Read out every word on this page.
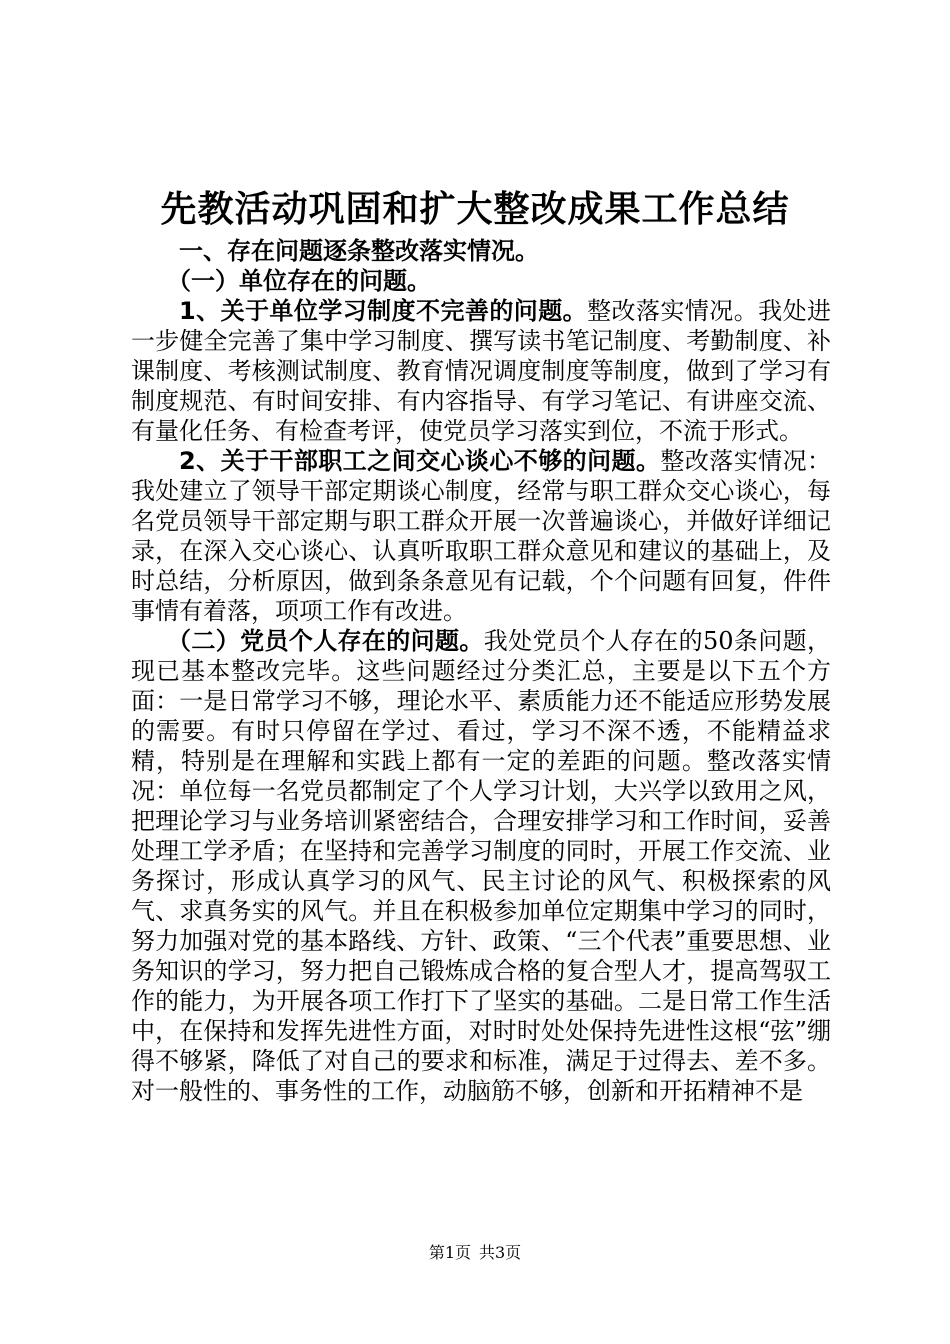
先教活动巩固和扩大整改成果工作总结

一、存在问题逐条整改落实情况。

（一）单位存在的问题。

1、关于单位学习制度不完善的问题。整改落实情况。我处进一步健全完善了集中学习制度、撰写读书笔记制度、考勤制度、补课制度、考核测试制度、教育情况调度制度等制度，做到了学习有制度规范、有时间安排、有内容指导、有学习笔记、有讲座交流、有量化任务、有检查考评，使党员学习落实到位，不流于形式。

2、关于干部职工之间交心谈心不够的问题。整改落实情况：我处建立了领导干部定期谈心制度，经常与职工群众交心谈心，每名党员领导干部定期与职工群众开展一次普遍谈心，并做好详细记录，在深入交心谈心、认真听取职工群众意见和建议的基础上，及时总结，分析原因，做到条条意见有记载，个个问题有回复，件件事情有着落，项项工作有改进。

（二）党员个人存在的问题。我处党员个人存在的50条问题，现已基本整改完毕。这些问题经过分类汇总，主要是以下五个方面：一是日常学习不够，理论水平、素质能力还不能适应形势发展的需要。有时只停留在学过、看过，学习不深不透，不能精益求精，特别是在理解和实践上都有一定的差距的问题。整改落实情况：单位每一名党员都制定了个人学习计划，大兴学以致用之风，把理论学习与业务培训紧密结合，合理安排学习和工作时间，妥善处理工学矛盾；在坚持和完善学习制度的同时，开展工作交流、业务探讨，形成认真学习的风气、民主讨论的风气、积极探索的风气、求真务实的风气。并且在积极参加单位定期集中学习的同时，努力加强对党的基本路线、方针、政策、“三个代表”重要思想、业务知识的学习，努力把自己锻炼成合格的复合型人才，提高驾驭工作的能力，为开展各项工作打下了坚实的基础。二是日常工作生活中，在保持和发挥先进性方面，对时时处处保持先进性这根“弦”绷得不够紧，降低了对自己的要求和标准，满足于过得去、差不多。对一般性的、事务性的工作，动脑筋不够，创新和开拓精神不是

第1页 共3页
